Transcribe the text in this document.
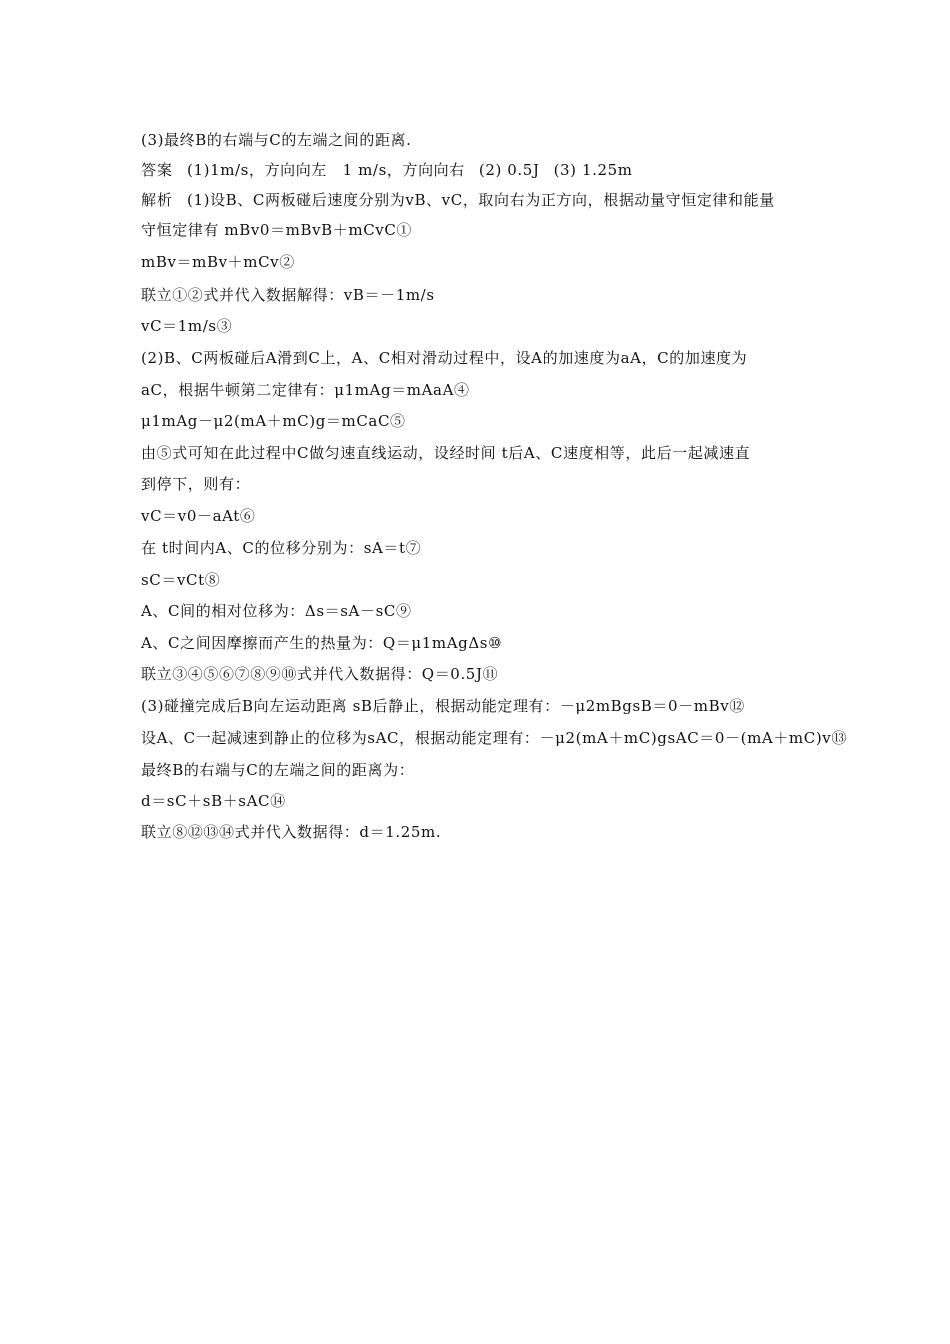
(3)最终B的右端与C的左端之间的距离.
答案 (1)1m/s，方向向左　1 m/s，方向向右 (2) 0.5J (3) 1.25m
解析 (1)设B、C两板碰后速度分别为vB、vC，取向右为正方向，根据动量守恒定律和能量
守恒定律有 mBv0＝mBvB＋mCvC①
mBv＝mBv＋mCv②
联立①②式并代入数据解得：vB＝－1m/s
vC＝1m/s③
(2)B、C两板碰后A滑到C上，A、C相对滑动过程中，设A的加速度为aA，C的加速度为
aC，根据牛顿第二定律有：μ1mAg＝mAaA④
μ1mAg－μ2(mA＋mC)g＝mCaC⑤
由⑤式可知在此过程中C做匀速直线运动，设经时间 t后A、C速度相等，此后一起减速直
到停下，则有：
vC＝v0－aAt⑥
在 t时间内A、C的位移分别为：sA＝t⑦
sC＝vCt⑧
A、C间的相对位移为：Δs＝sA－sC⑨
A、C之间因摩擦而产生的热量为：Q＝μ1mAgΔs⑩
联立③④⑤⑥⑦⑧⑨⑩式并代入数据得：Q＝0.5J⑪
(3)碰撞完成后B向左运动距离 sB后静止，根据动能定理有：－μ2mBgsB＝0－mBv⑫
设A、C一起减速到静止的位移为sAC，根据动能定理有：－μ2(mA＋mC)gsAC＝0－(mA＋mC)v⑬
最终B的右端与C的左端之间的距离为：
d＝sC＋sB＋sAC⑭
联立⑧⑫⑬⑭式并代入数据得：d＝1.25m.
